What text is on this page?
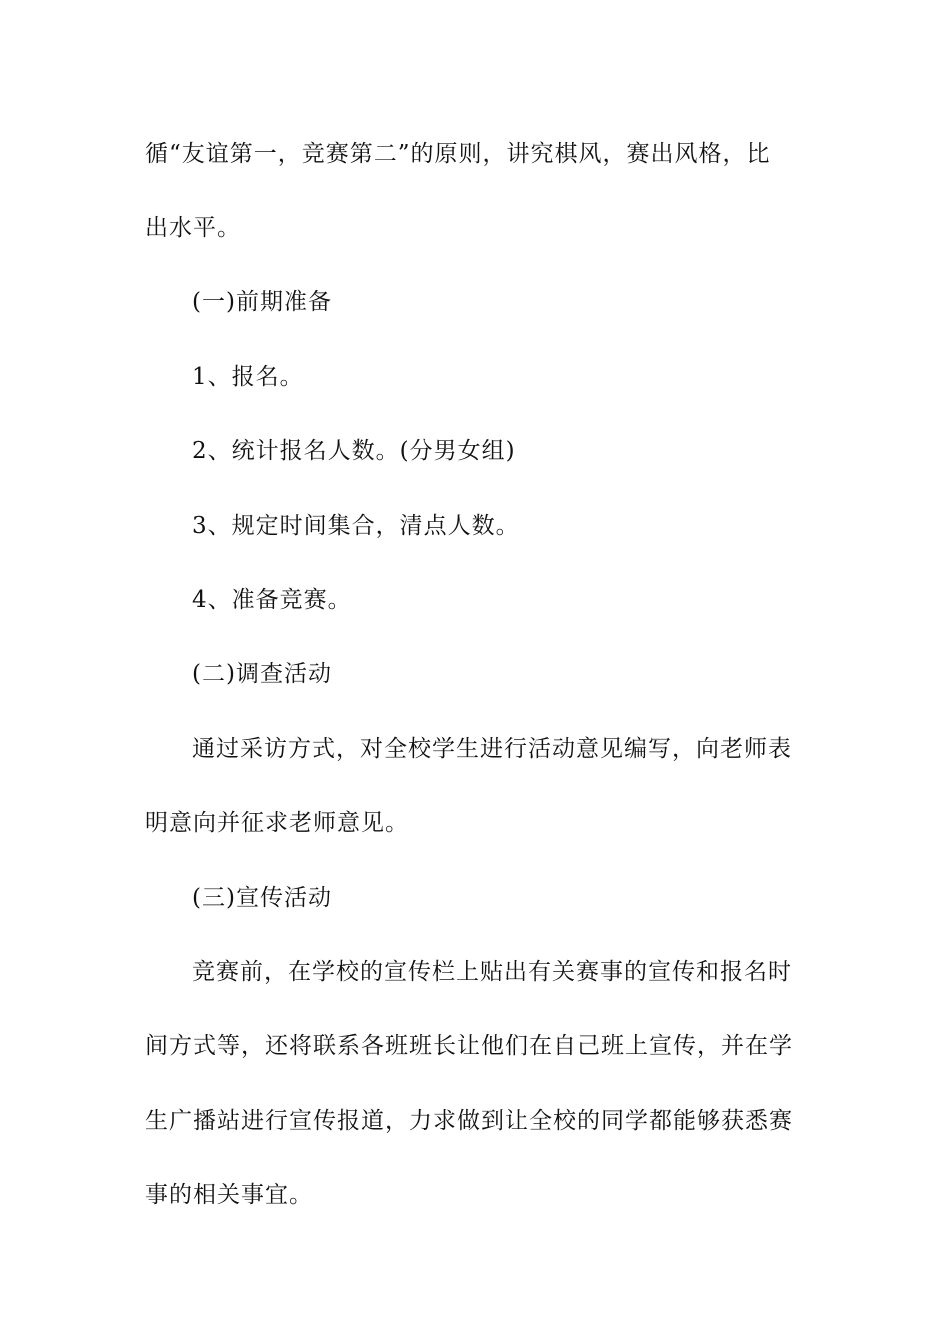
循“友谊第一，竞赛第二”的原则，讲究棋风，赛出风格，比
出水平。
(一)前期准备
1、报名。
2、统计报名人数。(分男女组)
3、规定时间集合，清点人数。
4、准备竞赛。
(二)调查活动
通过采访方式，对全校学生进行活动意见编写，向老师表
明意向并征求老师意见。
(三)宣传活动
竞赛前，在学校的宣传栏上贴出有关赛事的宣传和报名时
间方式等，还将联系各班班长让他们在自己班上宣传，并在学
生广播站进行宣传报道，力求做到让全校的同学都能够获悉赛
事的相关事宜。
